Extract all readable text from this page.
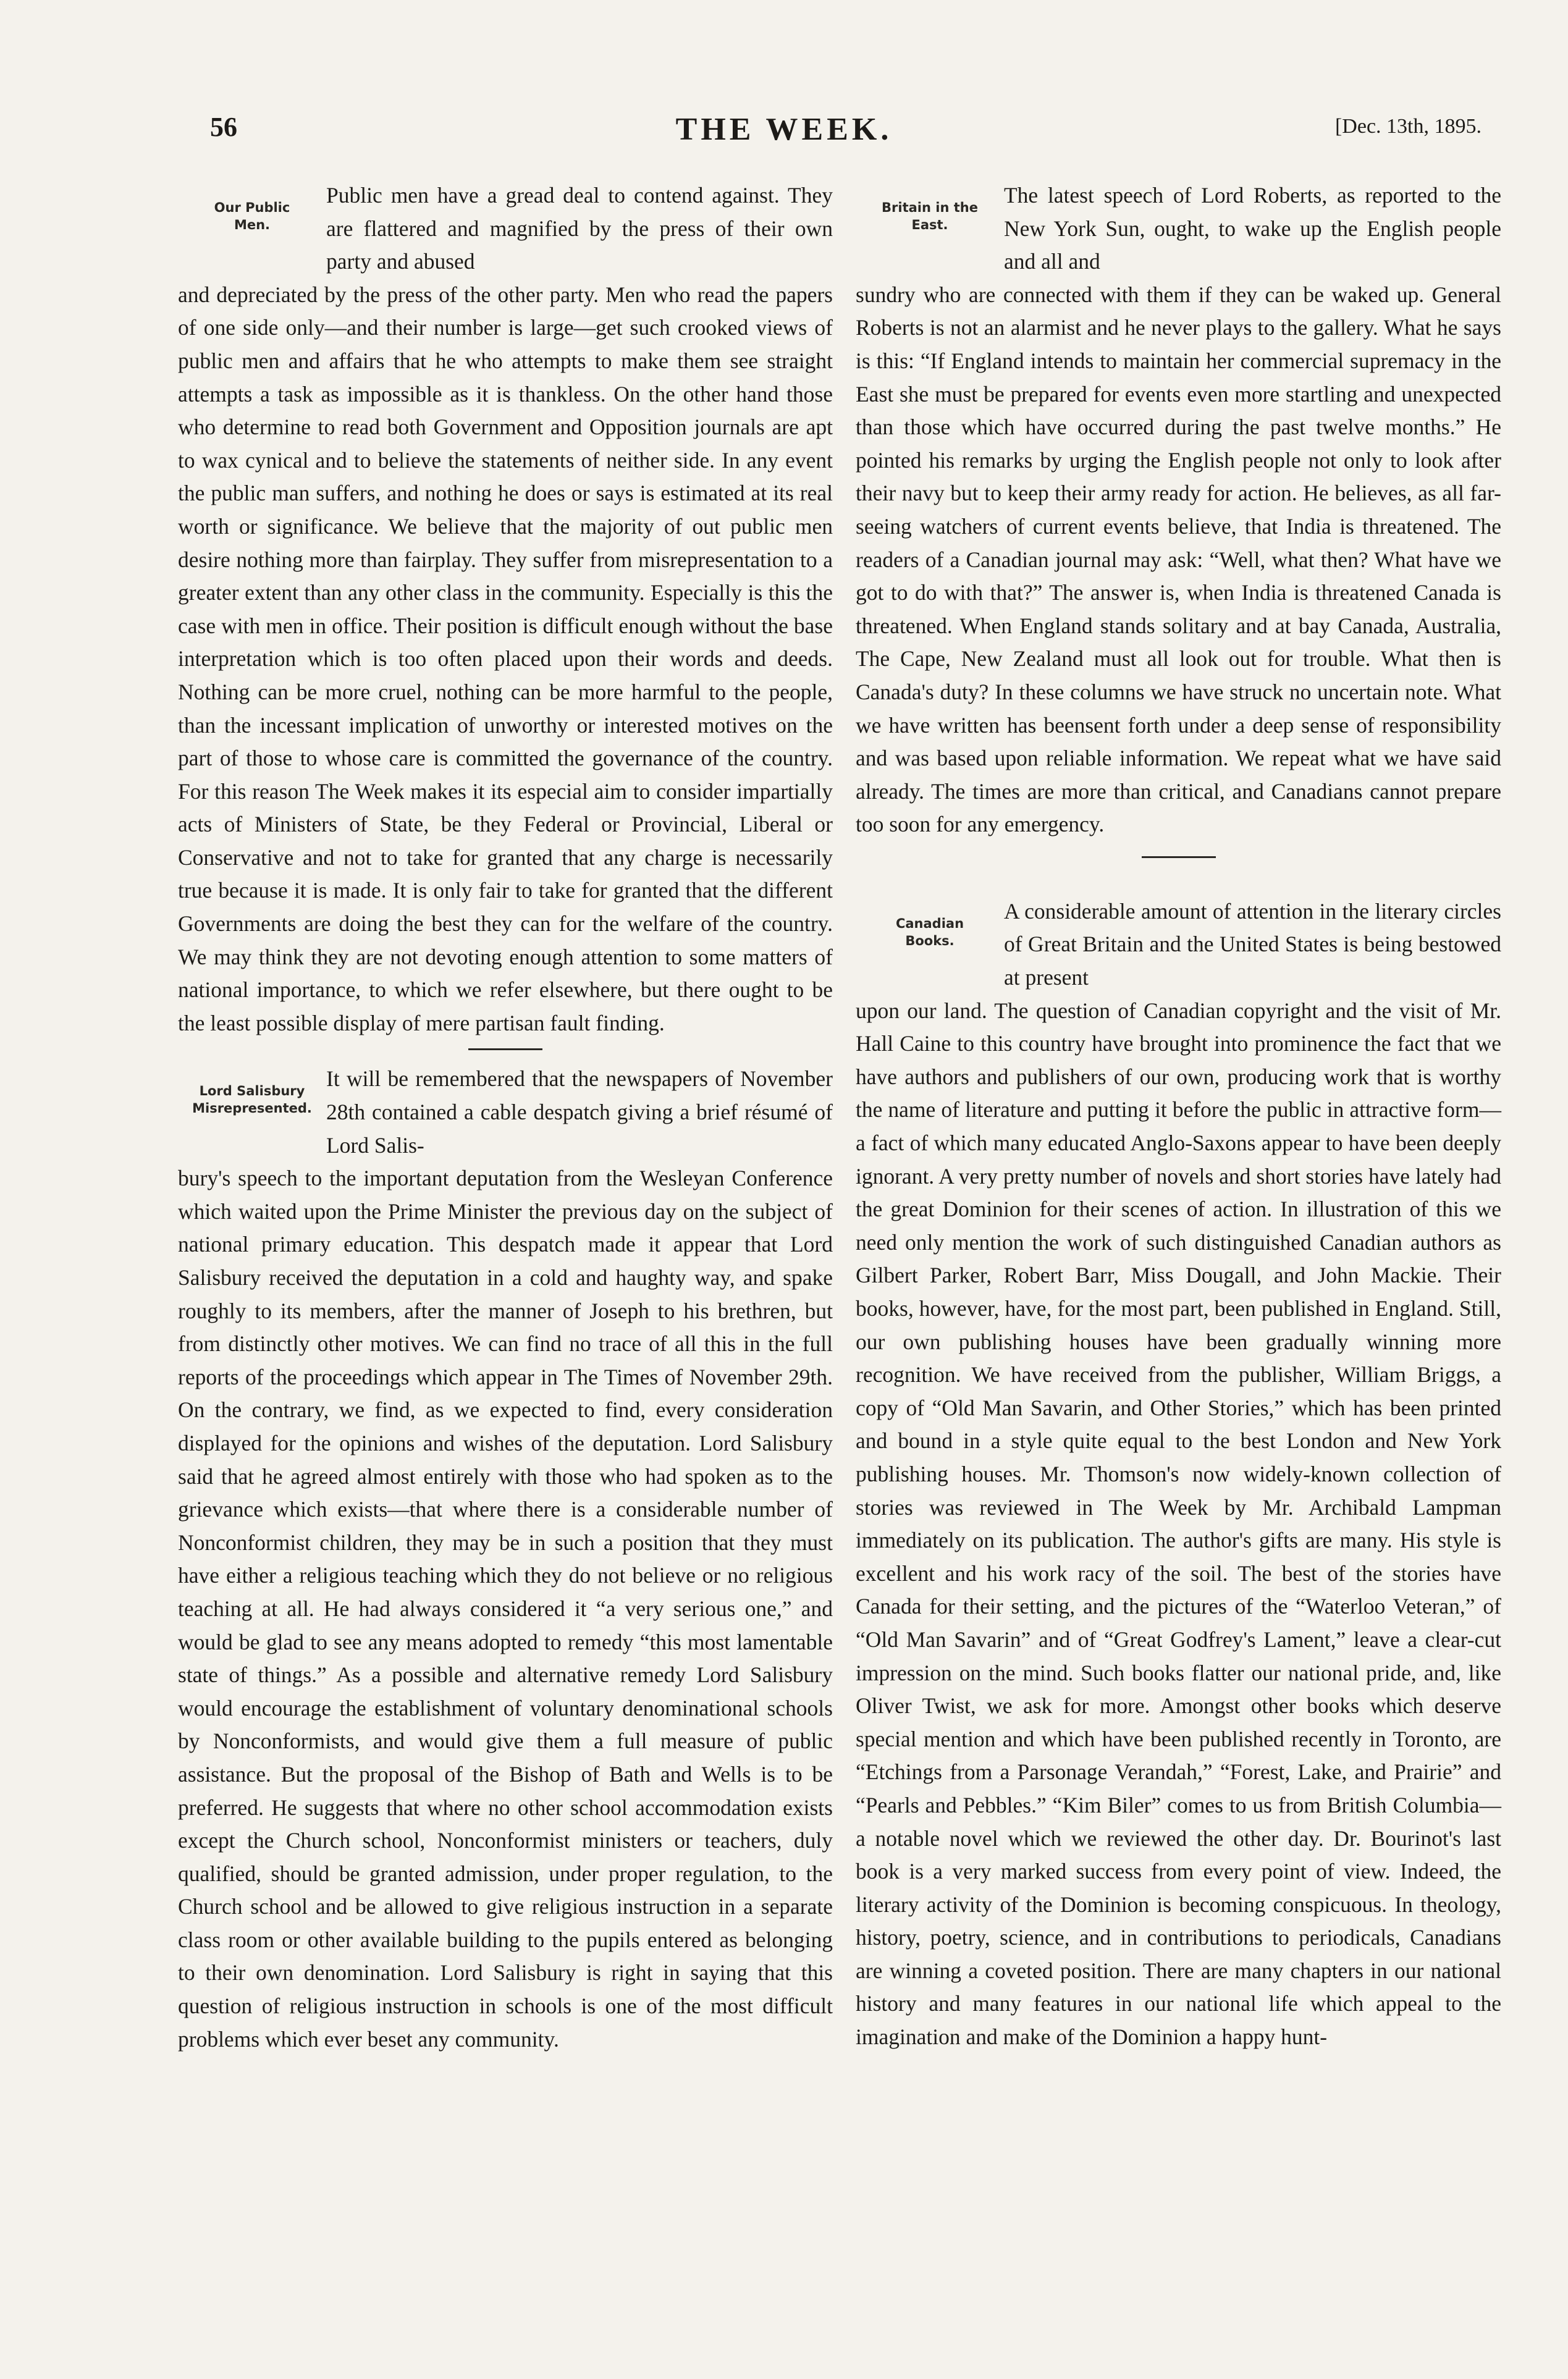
56	THE WEEK.	[Dec. 13th, 1895.
Our Public
Men.

Public men have a gread deal to contend against. They are flattered and magnified by the press of their own party and abused

and depreciated by the press of the other party. Men who read the papers of one side only—and their number is large—get such crooked views of public men and affairs that he who attempts to make them see straight attempts a task as impossible as it is thankless. On the other hand those who determine to read both Government and Opposition journals are apt to wax cynical and to believe the statements of neither side. In any event the public man suffers, and nothing he does or says is estimated at its real worth or significance. We believe that the majority of out public men desire nothing more than fairplay. They suffer from misrepresentation to a greater extent than any other class in the community. Especially is this the case with men in office. Their position is difficult enough without the base interpretation which is too often placed upon their words and deeds. Nothing can be more cruel, nothing can be more harmful to the people, than the incessant implication of unworthy or interested motives on the part of those to whose care is committed the governance of the country. For this reason The Week makes it its especial aim to consider impartially acts of Ministers of State, be they Federal or Provincial, Liberal or Conservative and not to take for granted that any charge is necessarily true because it is made. It is only fair to take for granted that the different Governments are doing the best they can for the welfare of the country. We may think they are not devoting enough attention to some matters of national importance, to which we refer elsewhere, but there ought to be the least possible display of mere partisan fault finding.

Lord Salisbury
Misrepresented.

It will be remembered that the newspapers of November 28th contained a cable despatch giving a brief résumé of Lord Salis-

bury's speech to the important deputation from the Wesleyan Conference which waited upon the Prime Minister the previous day on the subject of national primary education. This despatch made it appear that Lord Salisbury received the deputation in a cold and haughty way, and spake roughly to its members, after the manner of Joseph to his brethren, but from distinctly other motives. We can find no trace of all this in the full reports of the proceedings which appear in The Times of November 29th. On the contrary, we find, as we expected to find, every consideration displayed for the opinions and wishes of the deputation. Lord Salisbury said that he agreed almost entirely with those who had spoken as to the grievance which exists—that where there is a considerable number of Nonconformist children, they may be in such a position that they must have either a religious teaching which they do not believe or no religious teaching at all. He had always considered it “a very serious one,” and would be glad to see any means adopted to remedy “this most lamentable state of things.” As a possible and alternative remedy Lord Salisbury would encourage the establishment of voluntary denominational schools by Nonconformists, and would give them a full measure of public assistance. But the proposal of the Bishop of Bath and Wells is to be preferred. He suggests that where no other school accommodation exists except the Church school, Nonconformist ministers or teachers, duly qualified, should be granted admission, under proper regulation, to the Church school and be allowed to give religious instruction in a separate class room or other available building to the pupils entered as belonging to their own denomination. Lord Salisbury is right in saying that this question of religious instruction in schools is one of the most difficult problems which ever beset any community.

Britain in the
East.

The latest speech of Lord Roberts, as reported to the New York Sun, ought, to wake up the English people and all and

sundry who are connected with them if they can be waked up. General Roberts is not an alarmist and he never plays to the gallery. What he says is this: “If England intends to maintain her commercial supremacy in the East she must be prepared for events even more startling and unexpected than those which have occurred during the past twelve months.” He pointed his remarks by urging the English people not only to look after their navy but to keep their army ready for action. He believes, as all far-seeing watchers of current events believe, that India is threatened. The readers of a Canadian journal may ask: “Well, what then? What have we got to do with that?” The answer is, when India is threatened Canada is threatened. When England stands solitary and at bay Canada, Australia, The Cape, New Zealand must all look out for trouble. What then is Canada's duty? In these columns we have struck no uncertain note. What we have written has beensent forth under a deep sense of responsibility and was based upon reliable information. We repeat what we have said already. The times are more than critical, and Canadians cannot prepare too soon for any emergency.

Canadian
Books.

A considerable amount of attention in the literary circles of Great Britain and the United States is being bestowed at present

upon our land. The question of Canadian copyright and the visit of Mr. Hall Caine to this country have brought into prominence the fact that we have authors and publishers of our own, producing work that is worthy the name of literature and putting it before the public in attractive form—a fact of which many educated Anglo-Saxons appear to have been deeply ignorant. A very pretty number of novels and short stories have lately had the great Dominion for their scenes of action. In illustration of this we need only mention the work of such distinguished Canadian authors as Gilbert Parker, Robert Barr, Miss Dougall, and John Mackie. Their books, however, have, for the most part, been published in England. Still, our own publishing houses have been gradually winning more recognition. We have received from the publisher, William Briggs, a copy of “Old Man Savarin, and Other Stories,” which has been printed and bound in a style quite equal to the best London and New York publishing houses. Mr. Thomson's now widely-known collection of stories was reviewed in The Week by Mr. Archibald Lampman immediately on its publication. The author's gifts are many. His style is excellent and his work racy of the soil. The best of the stories have Canada for their setting, and the pictures of the “Waterloo Veteran,” of “Old Man Savarin” and of “Great Godfrey's Lament,” leave a clear-cut impression on the mind. Such books flatter our national pride, and, like Oliver Twist, we ask for more. Amongst other books which deserve special mention and which have been published recently in Toronto, are “Etchings from a Parsonage Verandah,” “Forest, Lake, and Prairie” and “Pearls and Pebbles.” “Kim Biler” comes to us from British Columbia—a notable novel which we reviewed the other day. Dr. Bourinot's last book is a very marked success from every point of view. Indeed, the literary activity of the Dominion is becoming conspicuous. In theology, history, poetry, science, and in contributions to periodicals, Canadians are winning a coveted position. There are many chapters in our national history and many features in our national life which appeal to the imagination and make of the Dominion a happy hunt-
